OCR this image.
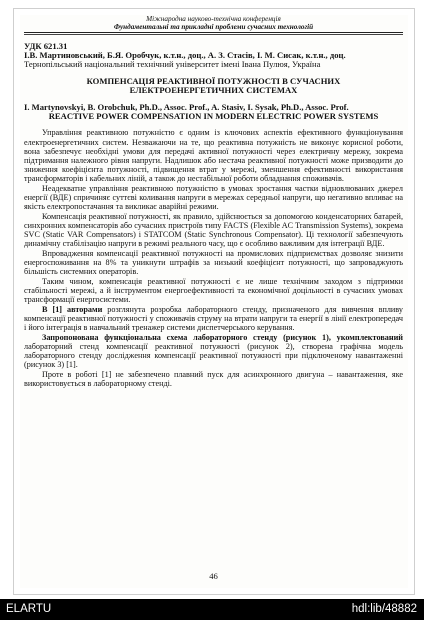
Міжнародна науково-технічна конференція
Фундаментальні та прикладні проблеми сучасних технологій
УДК 621.31
І.В. Мартиновський, Б.Я. Оробчук, к.т.н., доц., А. З. Стасів, І. М. Сисак, к.т.н., доц.
Тернопільський національний технічний університет імені Івана Пулюя, Україна
КОМПЕНСАЦІЯ РЕАКТИВНОЇ ПОТУЖНОСТІ В СУЧАСНИХ
ЕЛЕКТРОЕНЕРГЕТИЧНИХ СИСТЕМАХ
I. Martynovskyi, B. Orobchuk, Ph.D., Assoc. Prof., A. Stasiv, I. Sysak, Ph.D., Assoc. Prof.
REACTIVE POWER COMPENSATION IN MODERN ELECTRIC POWER SYSTEMS

Управління реактивною потужністю є одним із ключових аспектів ефективного функціонування електроенергетичних систем. Незважаючи на те, що реактивна потужність не виконує корисної роботи, вона забезпечує необхідні умови для передачі активної потужності через електричну мережу, зокрема підтримання належного рівня напруги. Надлишок або нестача реактивної потужності може призводити до зниження коефіцієнта потужності, підвищення втрат у мережі, зменшення ефективності використання трансформаторів і кабельних ліній, а також до нестабільної роботи обладнання споживачів.

Неадекватне управління реактивною потужністю в умовах зростання частки відновлюваних джерел енергії (ВДЕ) спричиняє суттєві коливання напруги в мережах середньої напруги, що негативно впливає на якість електропостачання та викликає аварійні режими.

Компенсація реактивної потужності, як правило, здійснюється за допомогою конденсаторних батарей, синхронних компенсаторів або сучасних пристроїв типу FACTS (Flexible AC Transmission Systems), зокрема SVC (Static VAR Compensators) і STATCOM (Static Synchronous Compensator). Ці технології забезпечують динамічну стабілізацію напруги в режимі реального часу, що є особливо важливим для інтеграції ВДЕ.

Впровадження компенсації реактивної потужності на промислових підприємствах дозволяє знизити енергоспоживання на 8% та уникнути штрафів за низький коефіцієнт потужності, що запроваджують більшість системних операторів.

Таким чином, компенсація реактивної потужності є не лише технічним заходом з підтримки стабільності мережі, а й інструментом енергоефективності та економічної доцільності в сучасних умовах трансформації енергосистеми.

В [1] авторами розглянута розробка лабораторного стенду, призначеного для вивчення впливу компенсації реактивної потужності у споживачів струму на втрати напруги та енергії в лінії електропередач і його інтеграція в навчальний тренажер системи диспетчерського керування.

Запропонована функціональна схема лабораторного стенду (рисунок 1), укомплектований лабораторний стенд компенсації реактивної потужності (рисунок 2), створена графічна модель лабораторного стенду дослідження компенсації реактивної потужності при підключеному навантаженні (рисунок 3) [1].

Проте в роботі [1] не забезпечено плавний пуск для асинхронного двигуна – навантаження, яке використовується в лабораторному стенді.

46
ELARTU	hdl:lib/48882
